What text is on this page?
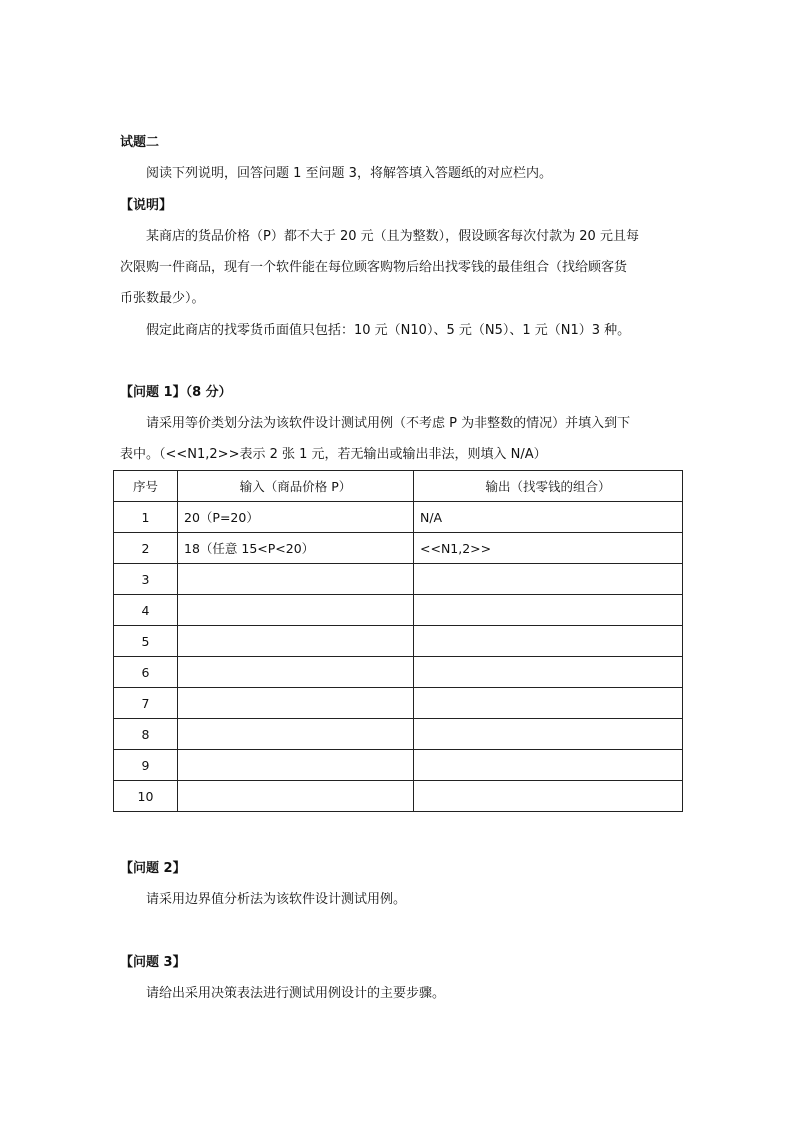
试题二
阅读下列说明，回答问题 1 至问题 3，将解答填入答题纸的对应栏内。
【说明】
某商店的货品价格（P）都不大于 20 元（且为整数），假设顾客每次付款为 20 元且每
次限购一件商品，现有一个软件能在每位顾客购物后给出找零钱的最佳组合（找给顾客货
币张数最少）。
假定此商店的找零货币面值只包括：10 元（N10）、5 元（N5）、1 元（N1）3 种。
【问题 1】（8 分）
请采用等价类划分法为该软件设计测试用例（不考虑 P 为非整数的情况）并填入到下
表中。（<<N1,2>>表示 2 张 1 元，若无输出或输出非法，则填入 N/A）
序号	输入（商品价格 P）	输出（找零钱的组合）
1	20（P=20）	N/A
2	18（任意 15<P<20）	<<N1,2>>
3		
4		
5		
6		
7		
8		
9		
10		
【问题 2】
请采用边界值分析法为该软件设计测试用例。
【问题 3】
请给出采用决策表法进行测试用例设计的主要步骤。
